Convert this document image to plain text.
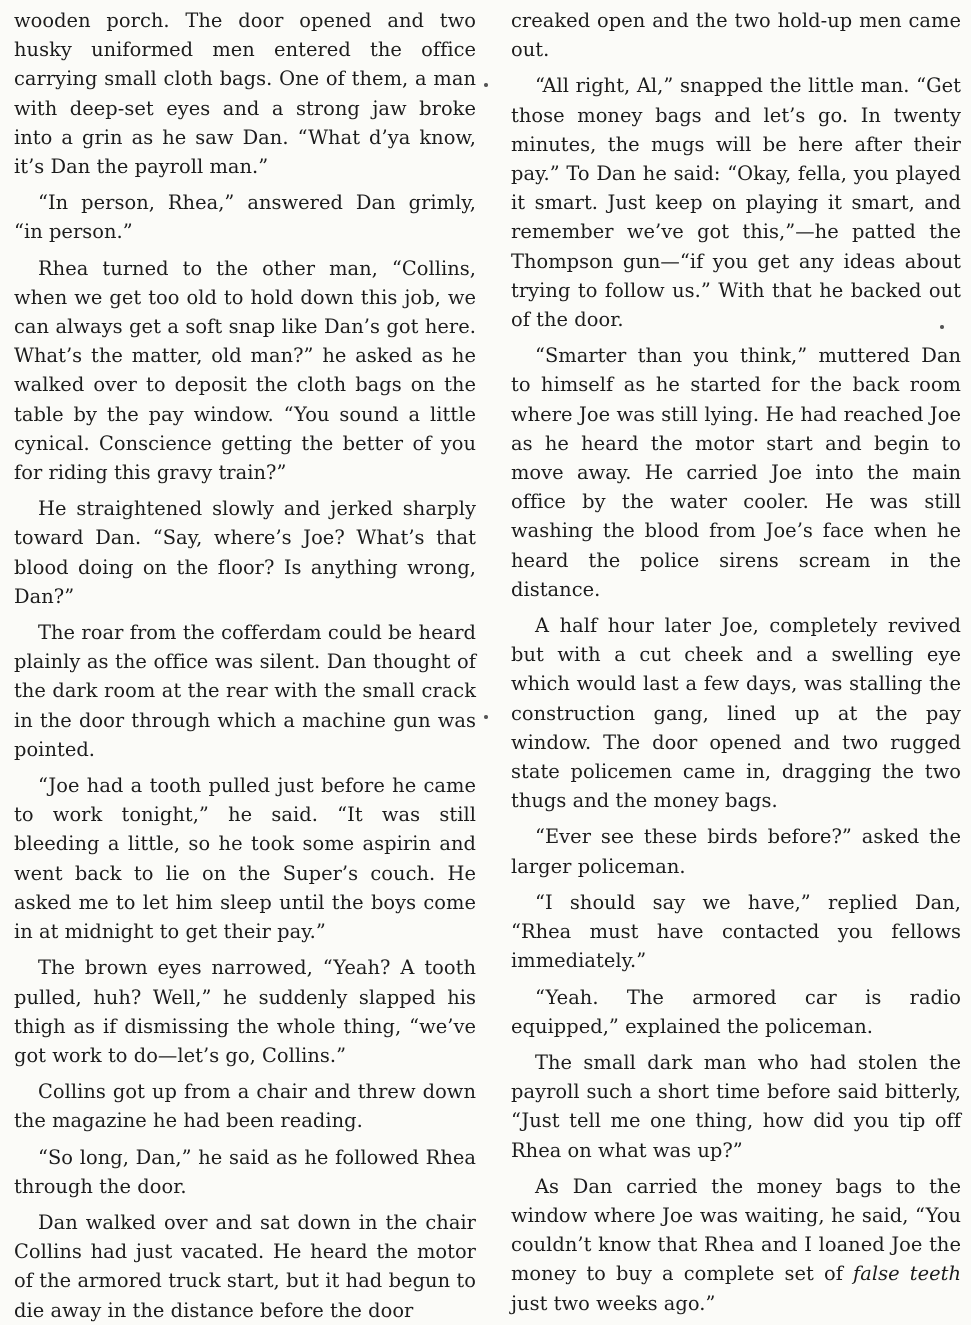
wooden porch. The door opened and two husky uniformed men entered the office carrying small cloth bags. One of them, a man with deep-set eyes and a strong jaw broke into a grin as he saw Dan. “What d’ya know, it’s Dan the payroll man.”

“In person, Rhea,” answered Dan grimly, “in person.”

Rhea turned to the other man, “Collins, when we get too old to hold down this job, we can always get a soft snap like Dan’s got here. What’s the matter, old man?” he asked as he walked over to deposit the cloth bags on the table by the pay window. “You sound a little cynical. Conscience getting the better of you for riding this gravy train?”

He straightened slowly and jerked sharply toward Dan. “Say, where’s Joe? What’s that blood doing on the floor? Is anything wrong, Dan?”

The roar from the cofferdam could be heard plainly as the office was silent. Dan thought of the dark room at the rear with the small crack in the door through which a machine gun was pointed.

“Joe had a tooth pulled just before he came to work tonight,” he said. “It was still bleeding a little, so he took some aspirin and went back to lie on the Super’s couch. He asked me to let him sleep until the boys come in at midnight to get their pay.”

The brown eyes narrowed, “Yeah? A tooth pulled, huh? Well,” he suddenly slapped his thigh as if dismissing the whole thing, “we’ve got work to do—let’s go, Collins.”

Collins got up from a chair and threw down the magazine he had been reading.

“So long, Dan,” he said as he followed Rhea through the door.

Dan walked over and sat down in the chair Collins had just vacated. He heard the motor of the armored truck start, but it had begun to die away in the distance before the door

creaked open and the two hold-up men came out.

“All right, Al,” snapped the little man. “Get those money bags and let’s go. In twenty minutes, the mugs will be here after their pay.” To Dan he said: “Okay, fella, you played it smart. Just keep on playing it smart, and remember we’ve got this,”—he patted the Thompson gun—“if you get any ideas about trying to follow us.” With that he backed out of the door.

“Smarter than you think,” muttered Dan to himself as he started for the back room where Joe was still lying. He had reached Joe as he heard the motor start and begin to move away. He carried Joe into the main office by the water cooler. He was still washing the blood from Joe’s face when he heard the police sirens scream in the distance.

A half hour later Joe, completely revived but with a cut cheek and a swelling eye which would last a few days, was stalling the construction gang, lined up at the pay window. The door opened and two rugged state policemen came in, dragging the two thugs and the money bags.

“Ever see these birds before?” asked the larger policeman.

“I should say we have,” replied Dan, “Rhea must have contacted you fellows immediately.”

“Yeah. The armored car is radio equipped,” explained the policeman.

The small dark man who had stolen the payroll such a short time before said bitterly, “Just tell me one thing, how did you tip off Rhea on what was up?”

As Dan carried the money bags to the window where Joe was waiting, he said, “You couldn’t know that Rhea and I loaned Joe the money to buy a complete set of false teeth just two weeks ago.”
